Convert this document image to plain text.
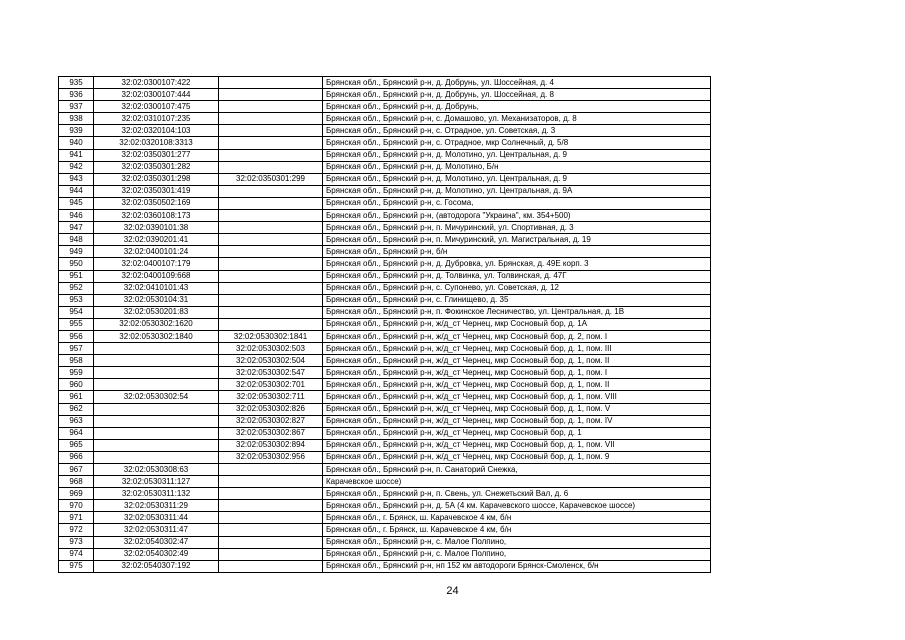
935	32:02:0300107:422		Брянская обл., Брянский р-н, д. Добрунь, ул. Шоссейная, д. 4
936	32:02:0300107:444		Брянская обл., Брянский р-н, д. Добрунь, ул. Шоссейная, д. 8
937	32:02:0300107:475		Брянская обл., Брянский р-н, д. Добрунь,
938	32:02:0310107:235		Брянская обл., Брянский р-н, с. Домашово, ул. Механизаторов, д. 8
939	32:02:0320104:103		Брянская обл., Брянский р-н, с. Отрадное, ул. Советская, д. 3
940	32:02:0320108:3313		Брянская обл., Брянский р-н, с. Отрадное, мкр Солнечный, д. 5/8
941	32:02:0350301:277		Брянская обл., Брянский р-н, д. Молотино, ул. Центральная, д. 9
942	32:02:0350301:282		Брянская обл., Брянский р-н, д. Молотино, Б/н
943	32:02:0350301:298	32:02:0350301:299	Брянская обл., Брянский р-н, д. Молотино, ул. Центральная, д. 9
944	32:02:0350301:419		Брянская обл., Брянский р-н, д. Молотино, ул. Центральная, д. 9А
945	32:02:0350502:169		Брянская обл., Брянский р-н, с. Госома,
946	32:02:0360108:173		Брянская обл., Брянский р-н, (автодорога "Украина", км. 354+500)
947	32:02:0390101:38		Брянская обл., Брянский р-н, п. Мичуринский, ул. Спортивная, д. 3
948	32:02:0390201:41		Брянская обл., Брянский р-н, п. Мичуринский, ул. Магистральная, д. 19
949	32:02:0400101:24		Брянская обл., Брянский р-н, б/н
950	32:02:0400107:179		Брянская обл., Брянский р-н, д. Дубровка, ул. Брянская, д. 49Е корп. 3
951	32:02:0400109:668		Брянская обл., Брянский р-н, д. Толвинка, ул. Толвинская, д. 47Г
952	32:02:0410101:43		Брянская обл., Брянский р-н, с. Супонево, ул. Советская, д. 12
953	32:02:0530104:31		Брянская обл., Брянский р-н, с. Глинищево, д. 35
954	32:02:0530201:83		Брянская обл., Брянский р-н, п. Фокинское Лесничество, ул. Центральная, д. 1В
955	32:02:0530302:1620		Брянская обл., Брянский р-н, ж/д_ст Чернец, мкр Сосновый бор, д. 1А
956	32:02:0530302:1840	32:02:0530302:1841	Брянская обл., Брянский р-н, ж/д_ст Чернец, мкр Сосновый бор, д. 2, пом. I
957		32:02:0530302:503	Брянская обл., Брянский р-н, ж/д_ст Чернец, мкр Сосновый бор, д. 1, пом. III
958		32:02:0530302:504	Брянская обл., Брянский р-н, ж/д_ст Чернец, мкр Сосновый бор, д. 1, пом. II
959		32:02:0530302:547	Брянская обл., Брянский р-н, ж/д_ст Чернец, мкр Сосновый бор, д. 1, пом. I
960		32:02:0530302:701	Брянская обл., Брянский р-н, ж/д_ст Чернец, мкр Сосновый бор, д. 1, пом. II
961	32:02:0530302:54	32:02:0530302:711	Брянская обл., Брянский р-н, ж/д_ст Чернец, мкр Сосновый бор, д. 1, пом. VIII
962		32:02:0530302:826	Брянская обл., Брянский р-н, ж/д_ст Чернец, мкр Сосновый бор, д. 1, пом. V
963		32:02:0530302:827	Брянская обл., Брянский р-н, ж/д_ст Чернец, мкр Сосновый бор, д. 1, пом. IV
964		32:02:0530302:867	Брянская обл., Брянский р-н, ж/д_ст Чернец, мкр Сосновый бор, д. 1
965		32:02:0530302:894	Брянская обл., Брянский р-н, ж/д_ст Чернец, мкр Сосновый бор, д. 1, пом. VII
966		32:02:0530302:956	Брянская обл., Брянский р-н, ж/д_ст Чернец, мкр Сосновый бор, д. 1, пом. 9
967	32:02:0530308:63		Брянская обл., Брянский р-н, п. Санаторий Снежка,
968	32:02:0530311:127		Карачевское шоссе)
969	32:02:0530311:132		Брянская обл., Брянский р-н, п. Свень, ул. Снежетьский Вал, д. 6
970	32:02:0530311:29		Брянская обл., Брянский р-н, д. 5А (4 км. Карачевского шоссе, Карачевское шоссе)
971	32:02:0530311:44		Брянская обл., г. Брянск, ш. Карачевское 4 км, б/н
972	32:02:0530311:47		Брянская обл., г. Брянск, ш. Карачевское 4 км, б/н
973	32:02:0540302:47		Брянская обл., Брянский р-н, с. Малое Полпино,
974	32:02:0540302:49		Брянская обл., Брянский р-н, с. Малое Полпино,
975	32:02:0540307:192		Брянская обл., Брянский р-н, нп 152 км автодороги Брянск-Смоленск, б/н
24
